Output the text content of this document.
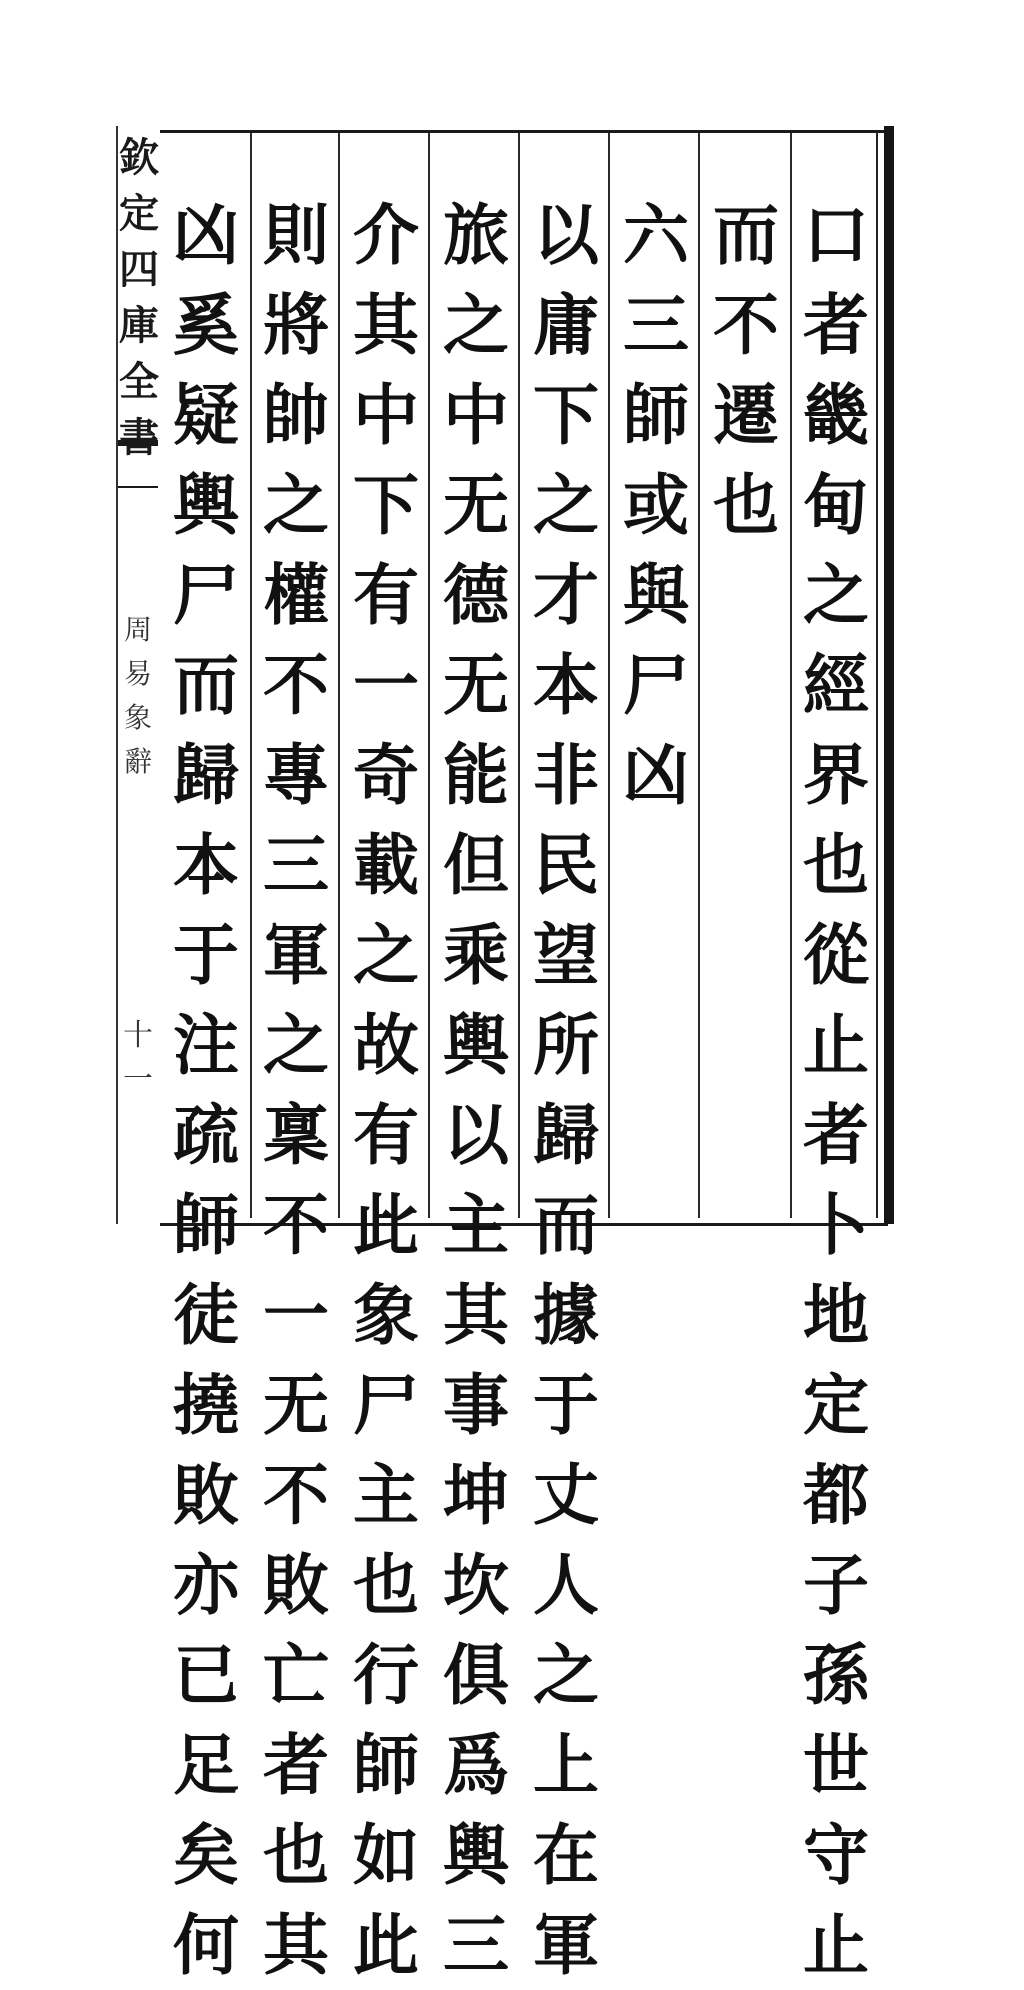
欽
定
四
庫
全
書
周
易
象
辭
十一
口
者
畿
甸
之
經
界
也
從
止
者
卜
地
定
都
子
孫
世
守
止
而
不
遷
也
六
三
師
或
與
尸
凶
以
庸
下
之
才
本
非
民
望
所
歸
而
據
于
丈
人
之
上
在
軍
旅
之
中
无
德
无
能
但
乘
輿
以
主
其
事
坤
坎
俱
爲
輿
三
介
其
中
下
有
一
奇
載
之
故
有
此
象
尸
主
也
行
師
如
此
則
將
帥
之
權
不
專
三
軍
之
稟
不
一
无
不
敗
亡
者
也
其
凶
奚
疑
輿
尸
而
歸
本
于
注
疏
師
徒
撓
敗
亦
已
足
矣
何
